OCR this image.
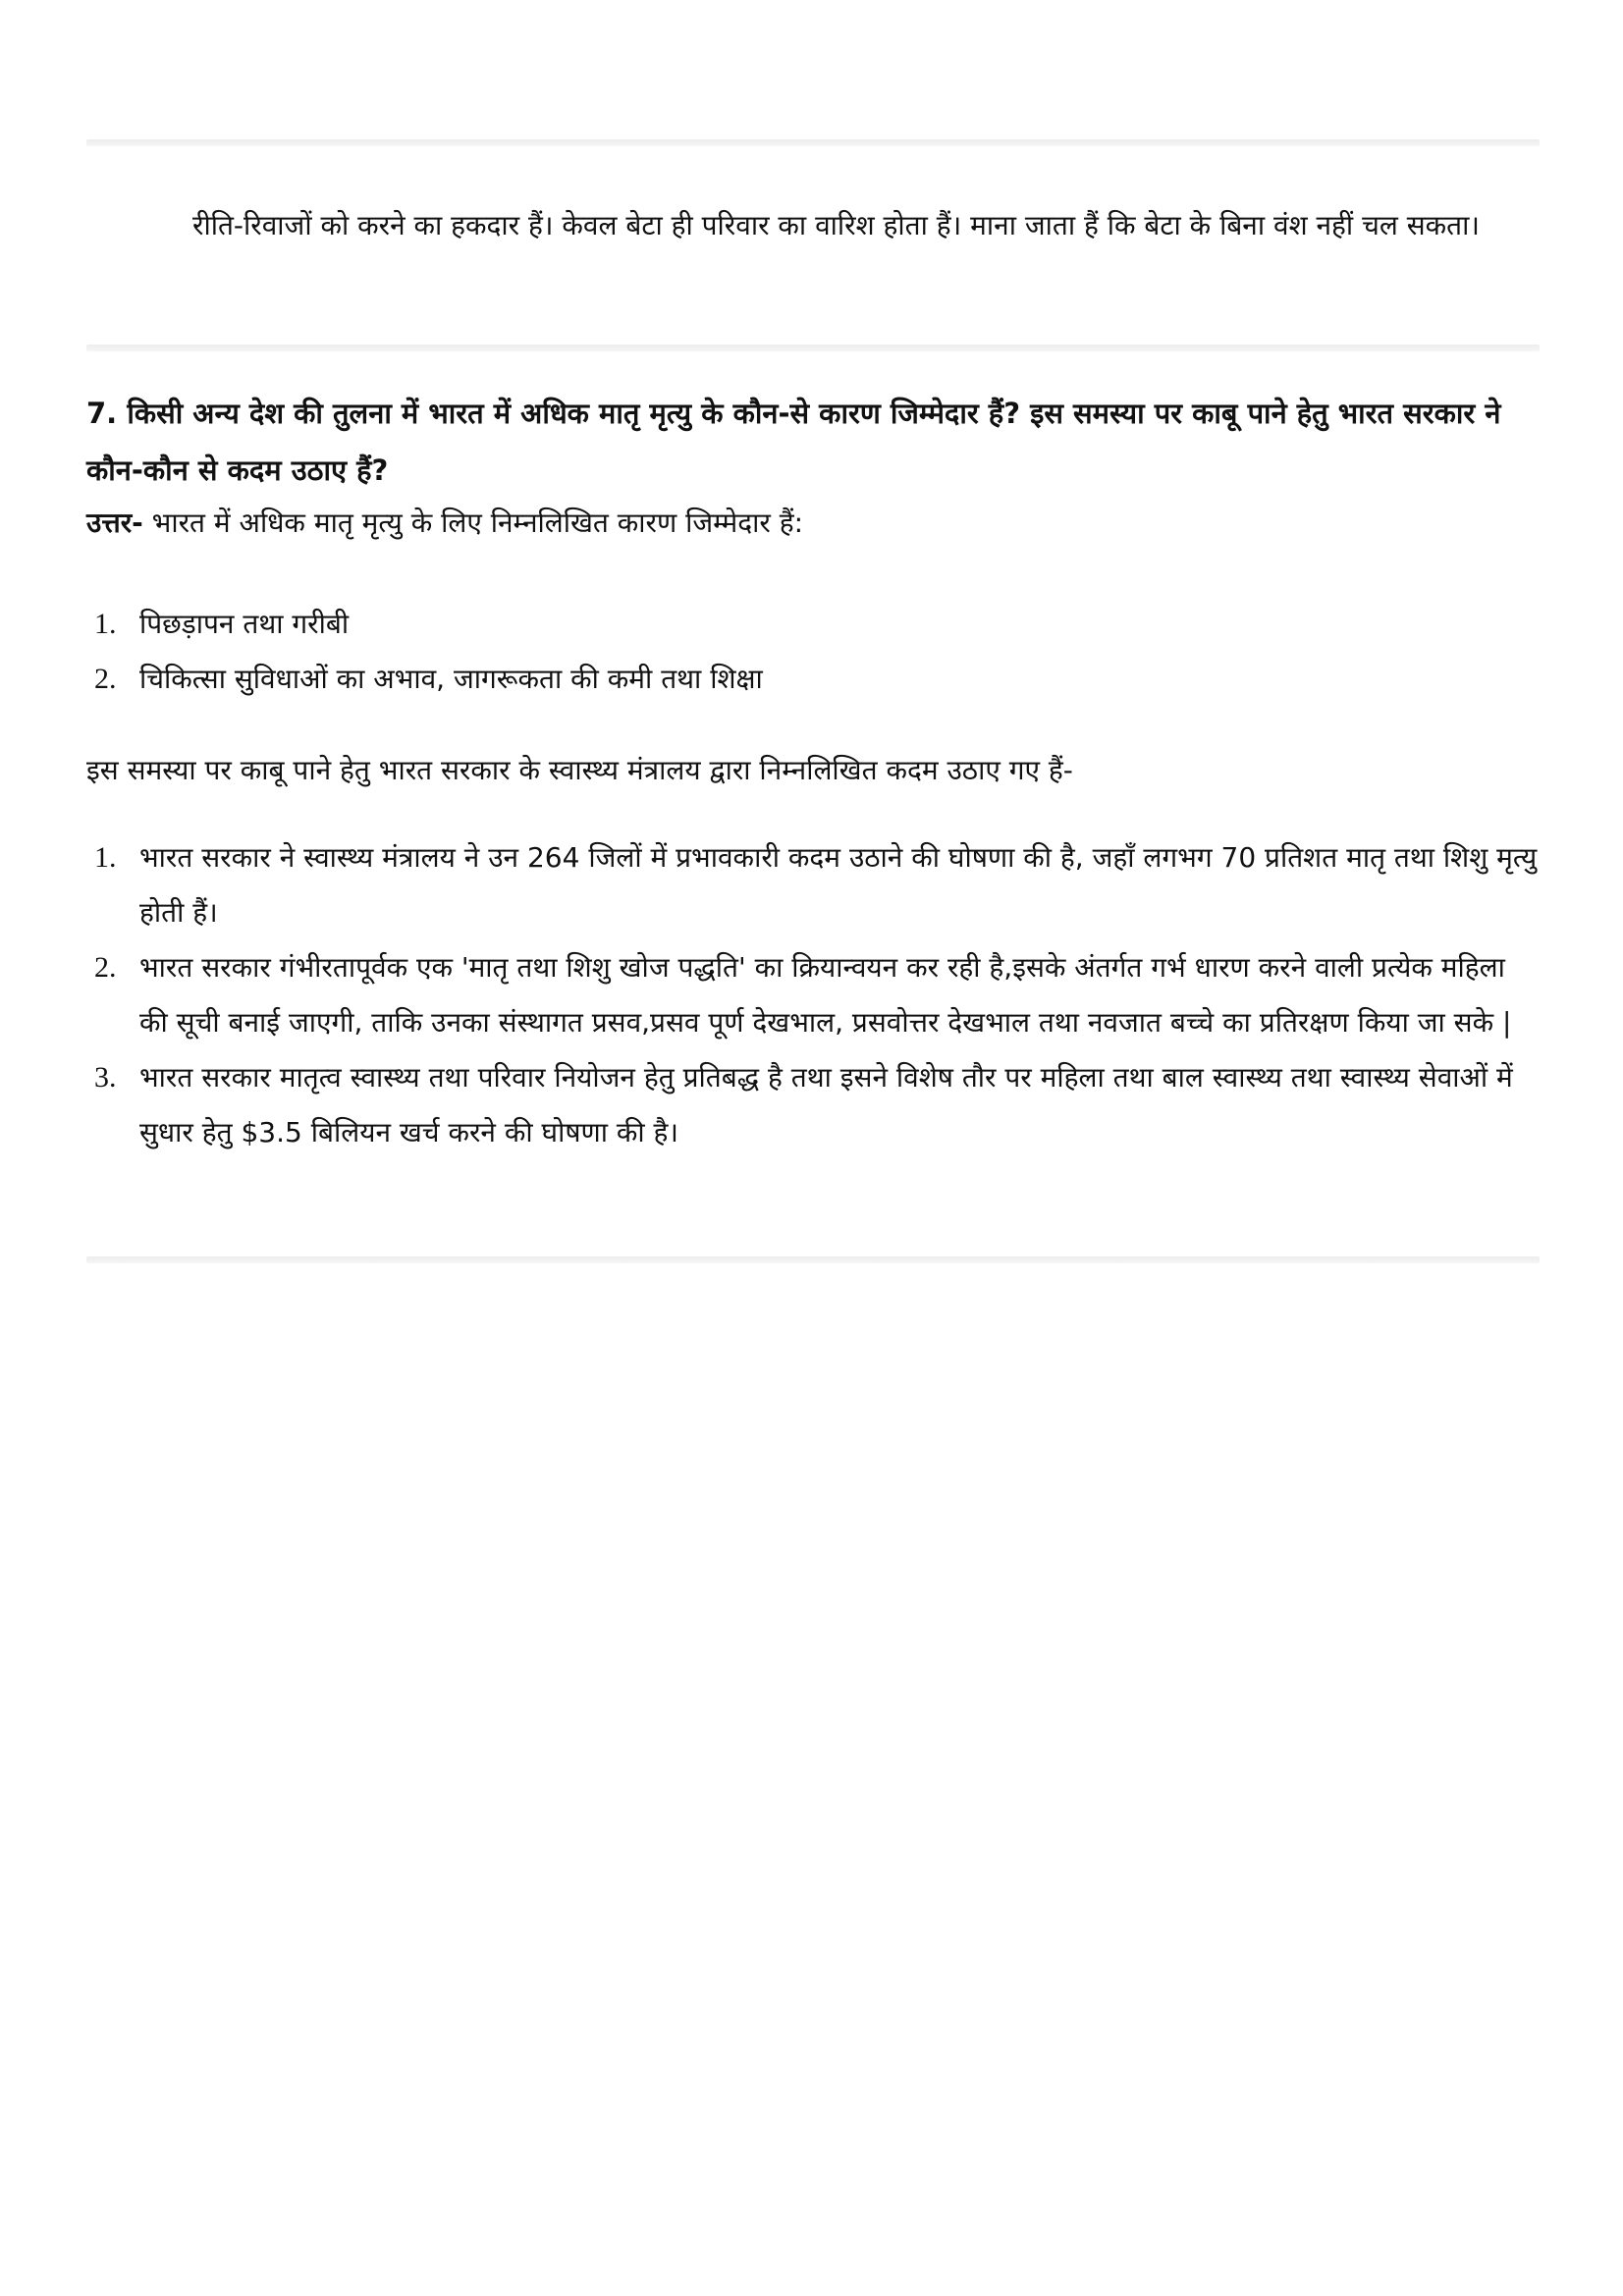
रीति-रिवाजों को करने का हकदार हैं। केवल बेटा ही परिवार का वारिश होता हैं। माना जाता हैं कि बेटा के बिना वंश नहीं चल सकता।

7. किसी अन्य देश की तुलना में भारत में अधिक मातृ मृत्यु के कौन-से कारण जिम्मेदार हैं? इस समस्या पर काबू पाने हेतु भारत सरकार ने कौन-कौन से कदम उठाए हैं?

उत्तर- भारत में अधिक मातृ मृत्यु के लिए निम्नलिखित कारण जिम्मेदार हैं:

1. पिछड़ापन तथा गरीबी
2. चिकित्सा सुविधाओं का अभाव, जागरूकता की कमी तथा शिक्षा

इस समस्या पर काबू पाने हेतु भारत सरकार के स्वास्थ्य मंत्रालय द्वारा निम्नलिखित कदम उठाए गए हैं-

1. भारत सरकार ने स्वास्थ्य मंत्रालय ने उन 264 जिलों में प्रभावकारी कदम उठाने की घोषणा की है, जहाँ लगभग 70 प्रतिशत मातृ तथा शिशु मृत्यु होती हैं।
2. भारत सरकार गंभीरतापूर्वक एक 'मातृ तथा शिशु खोज पद्धति' का क्रियान्वयन कर रही है,इसके अंतर्गत गर्भ धारण करने वाली प्रत्येक महिला की सूची बनाई जाएगी, ताकि उनका संस्थागत प्रसव,प्रसव पूर्ण देखभाल, प्रसवोत्तर देखभाल तथा नवजात बच्चे का प्रतिरक्षण किया जा सके |
3. भारत सरकार मातृत्व स्वास्थ्य तथा परिवार नियोजन हेतु प्रतिबद्ध है तथा इसने विशेष तौर पर महिला तथा बाल स्वास्थ्य तथा स्वास्थ्य सेवाओं में सुधार हेतु $3.5 बिलियन खर्च करने की घोषणा की है।
